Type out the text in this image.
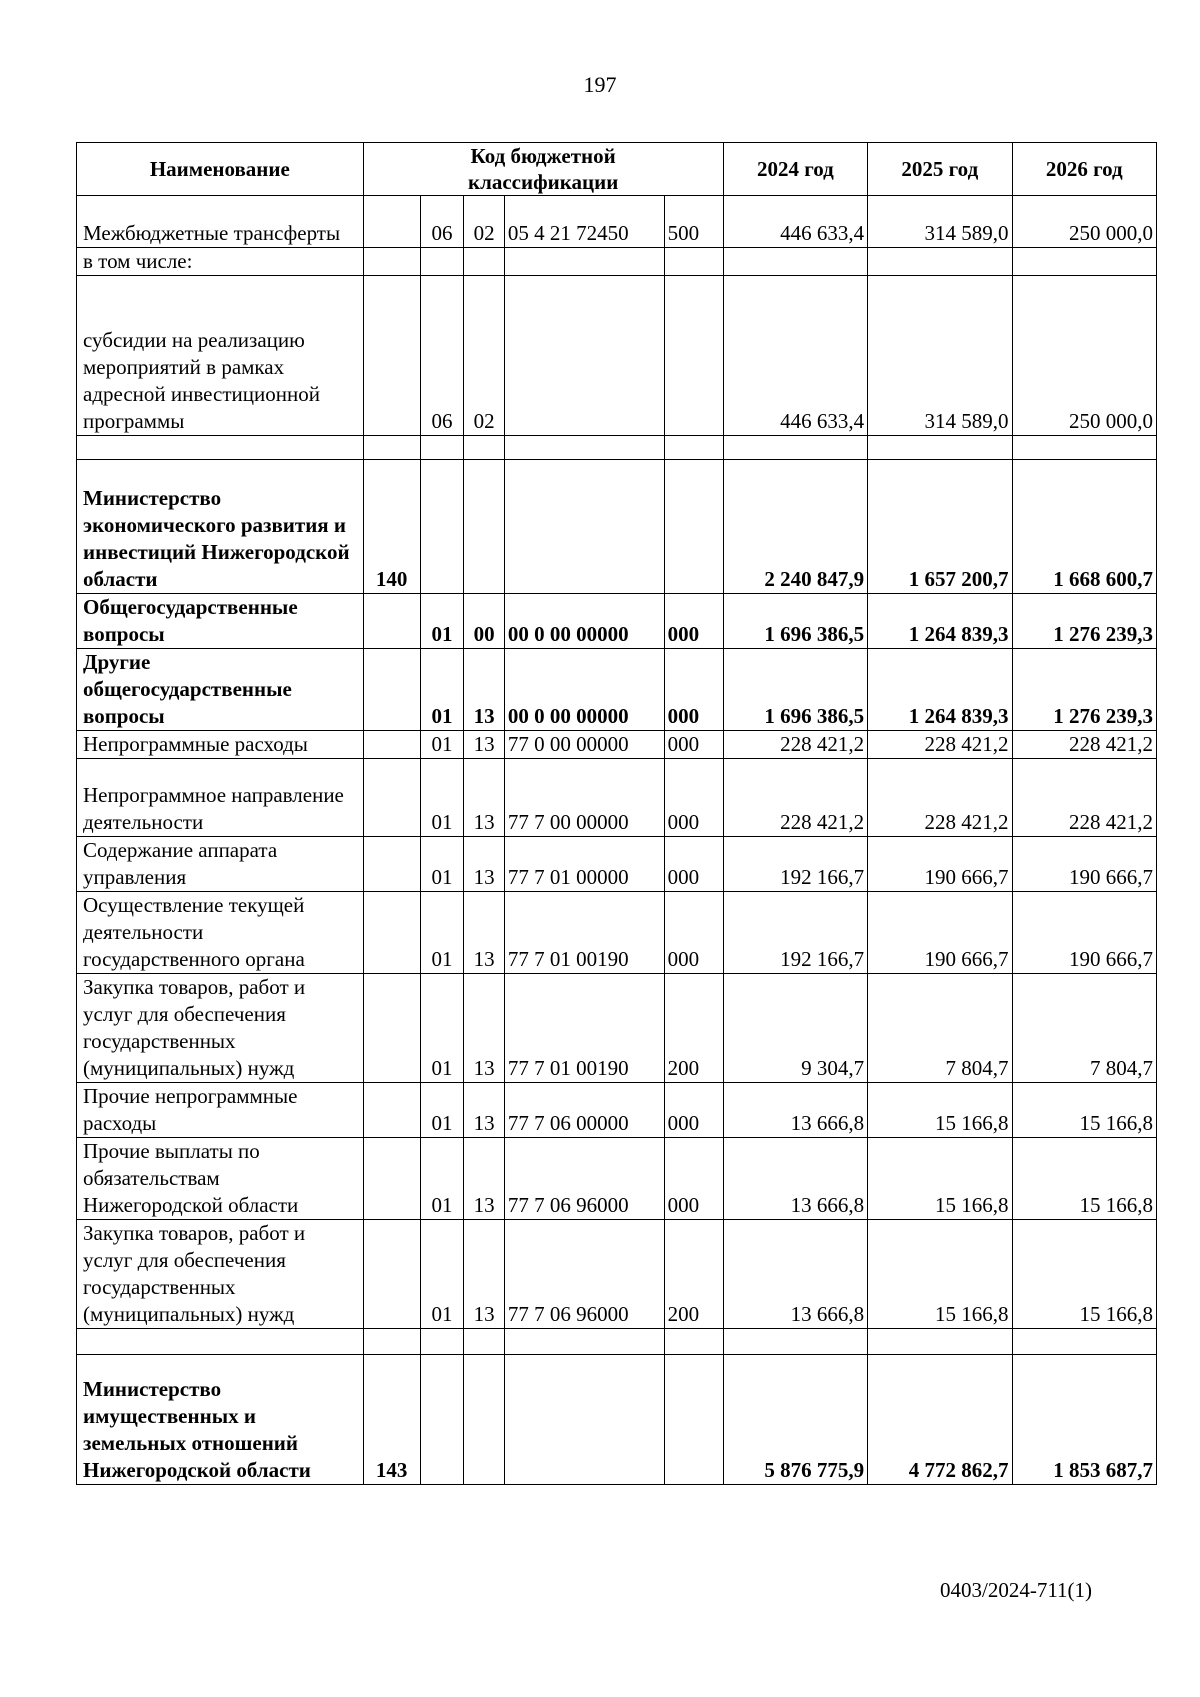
197
Наименование	Код бюджетной классификации					2024 год	2025 год	2026 год
Межбюджетные трансферты		06	02	05 4 21 72450	500	446 633,4	314 589,0	250 000,0
в том числе:								
субсидии на реализацию мероприятий в рамках адресной инвестиционной программы		06	02			446 633,4	314 589,0	250 000,0

Министерство экономического развития и инвестиций Нижегородской области	140					2 240 847,9	1 657 200,7	1 668 600,7
Общегосударственные вопросы		01	00	00 0 00 00000	000	1 696 386,5	1 264 839,3	1 276 239,3
Другие общегосударственные вопросы		01	13	00 0 00 00000	000	1 696 386,5	1 264 839,3	1 276 239,3
Непрограммные расходы		01	13	77 0 00 00000	000	228 421,2	228 421,2	228 421,2
Непрограммное направление деятельности		01	13	77 7 00 00000	000	228 421,2	228 421,2	228 421,2
Содержание аппарата управления		01	13	77 7 01 00000	000	192 166,7	190 666,7	190 666,7
Осуществление текущей деятельности государственного органа		01	13	77 7 01 00190	000	192 166,7	190 666,7	190 666,7
Закупка товаров, работ и услуг для обеспечения государственных (муниципальных) нужд		01	13	77 7 01 00190	200	9 304,7	7 804,7	7 804,7
Прочие непрограммные расходы		01	13	77 7 06 00000	000	13 666,8	15 166,8	15 166,8
Прочие выплаты по обязательствам Нижегородской области		01	13	77 7 06 96000	000	13 666,8	15 166,8	15 166,8
Закупка товаров, работ и услуг для обеспечения государственных (муниципальных) нужд		01	13	77 7 06 96000	200	13 666,8	15 166,8	15 166,8

Министерство имущественных и земельных отношений Нижегородской области	143					5 876 775,9	4 772 862,7	1 853 687,7
0403/2024-711(1)
